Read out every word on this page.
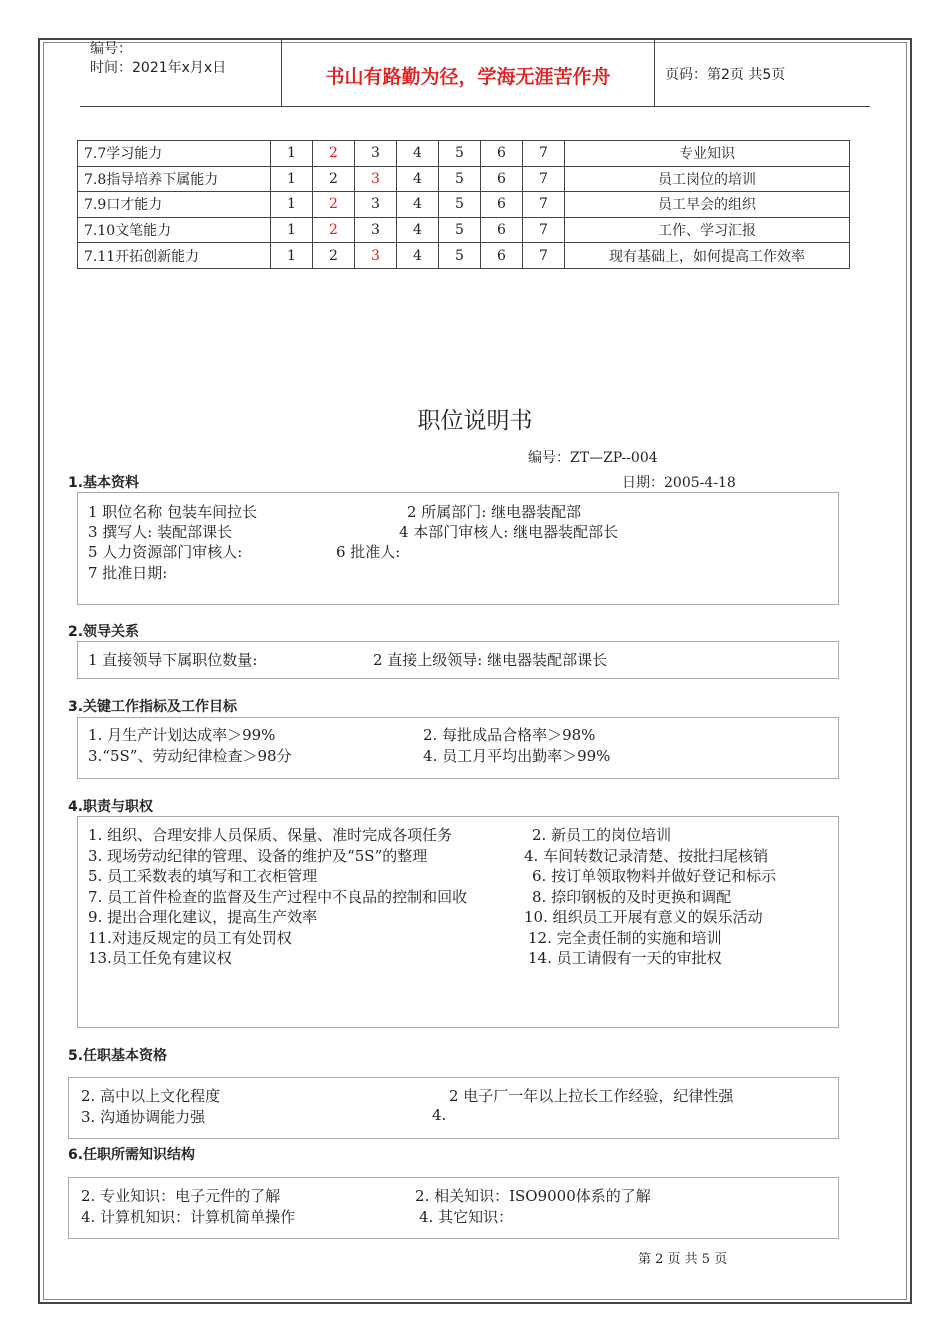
编号：
时间：2021年x月x日	书山有路勤为径，学海无涯苦作舟	页码：第2页 共5页
7.7学习能力	1	2	3	4	5	6	7	专业知识
7.8指导培养下属能力	1	2	3	4	5	6	7	员工岗位的培训
7.9口才能力	1	2	3	4	5	6	7	员工早会的组织
7.10文笔能力	1	2	3	4	5	6	7	工作、学习汇报
7.11开拓创新能力	1	2	3	4	5	6	7	现有基础上，如何提高工作效率
职位说明书
编号：ZT—ZP--004
日期：2005-4-18
1.基本资料
1 职位名称 包装车间拉长	2 所属部门: 继电器装配部
3 撰写人: 装配部课长	4 本部门审核人: 继电器装配部长
5 人力资源部门审核人:	6 批准人:
7 批准日期:
2.领导关系
1 直接领导下属职位数量:	2 直接上级领导: 继电器装配部课长
3.关键工作指标及工作目标
1. 月生产计划达成率＞99%	2. 每批成品合格率＞98%
3.“5S”、劳动纪律检查＞98分	4. 员工月平均出勤率＞99%
4.职责与职权
1. 组织、合理安排人员保质、保量、准时完成各项任务	2. 新员工的岗位培训
3. 现场劳动纪律的管理、设备的维护及“5S”的整理	4. 车间转数记录清楚、按批扫尾核销
5. 员工采数表的填写和工衣柜管理	6. 按订单领取物料并做好登记和标示
7. 员工首件检查的监督及生产过程中不良品的控制和回收	8. 捺印钢板的及时更换和调配
9. 提出合理化建议，提高生产效率	10. 组织员工开展有意义的娱乐活动
11.对违反规定的员工有处罚权	12. 完全责任制的实施和培训
13.员工任免有建议权	14. 员工请假有一天的审批权
5.任职基本资格
2. 高中以上文化程度	2 电子厂一年以上拉长工作经验，纪律性强
3. 沟通协调能力强	4.
6.任职所需知识结构
2. 专业知识：电子元件的了解	2. 相关知识：ISO9000体系的了解
4. 计算机知识：计算机简单操作	4. 其它知识：
第 2 页 共 5 页
